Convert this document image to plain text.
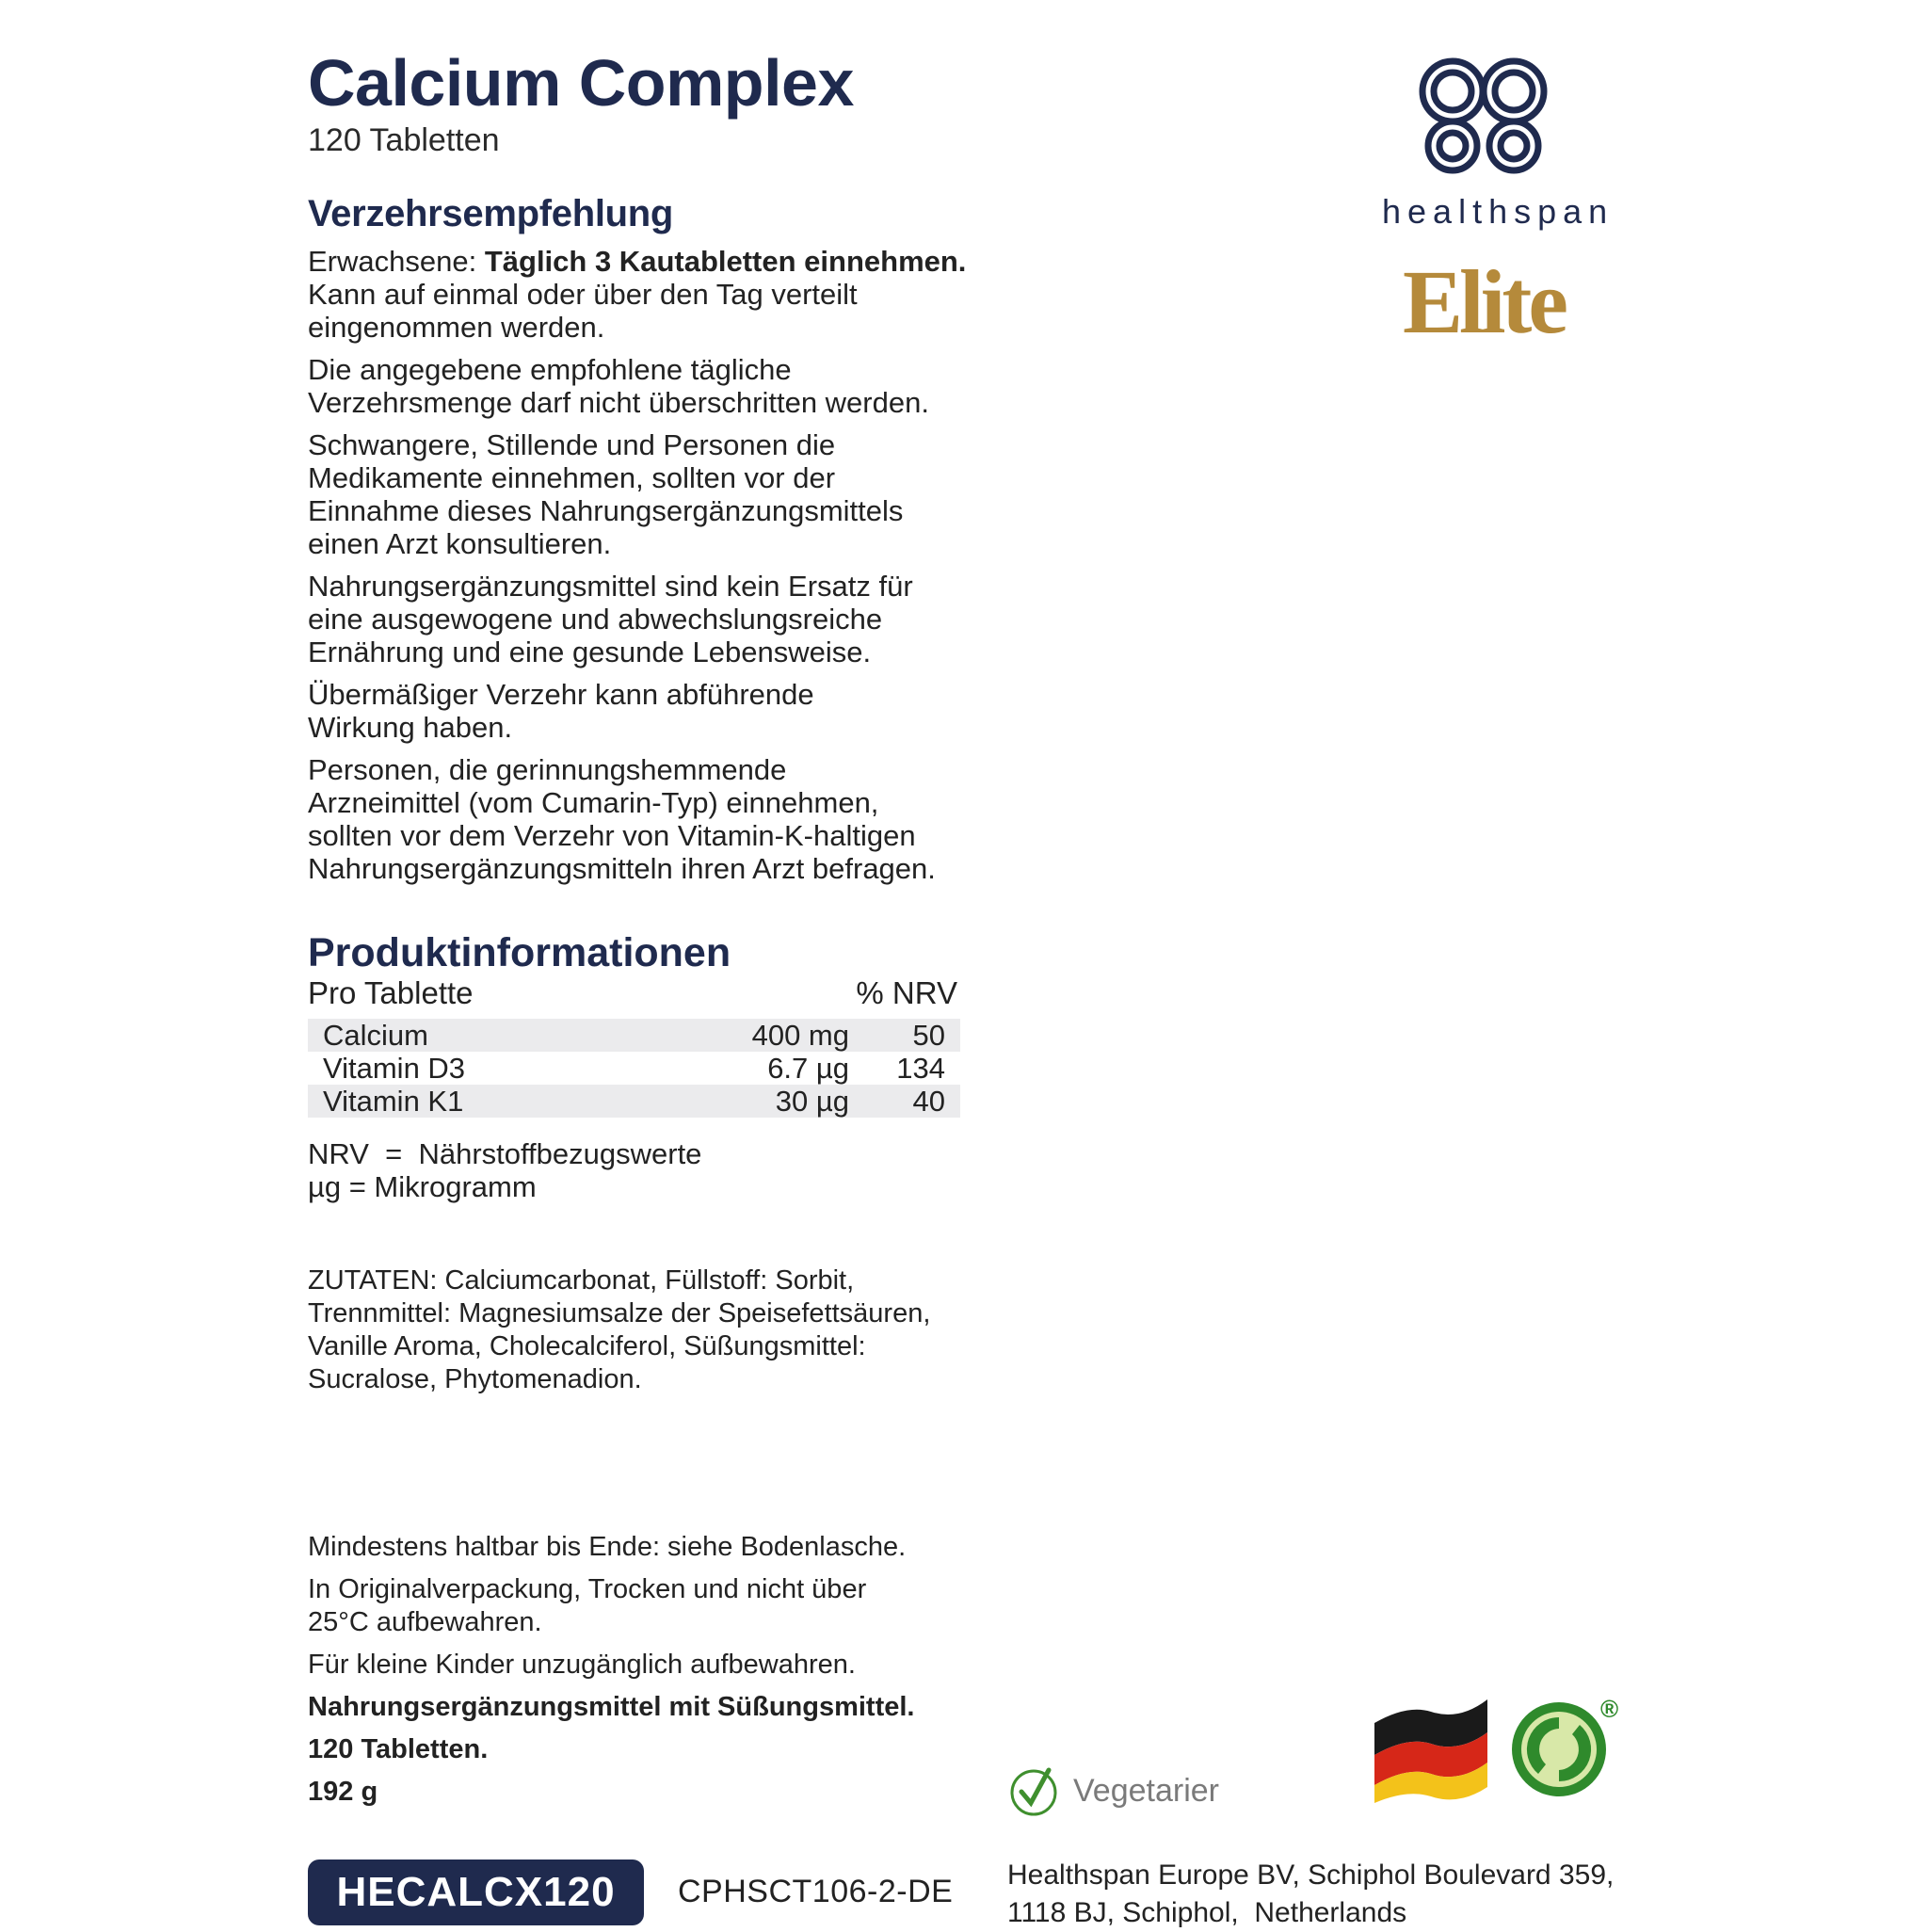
Calcium Complex
120 Tabletten
Verzehrsempfehlung

Erwachsene: Täglich 3 Kautabletten einnehmen.
Kann auf einmal oder über den Tag verteilt
eingenommen werden.

Die angegebene empfohlene tägliche
Verzehrsmenge darf nicht überschritten werden.

Schwangere, Stillende und Personen die
Medikamente einnehmen, sollten vor der
Einnahme dieses Nahrungsergänzungsmittels
einen Arzt konsultieren.

Nahrungsergänzungsmittel sind kein Ersatz für
eine ausgewogene und abwechslungsreiche
Ernährung und eine gesunde Lebensweise.

Übermäßiger Verzehr kann abführende
Wirkung haben.

Personen, die gerinnungshemmende
Arzneimittel (vom Cumarin-Typ) einnehmen,
sollten vor dem Verzehr von Vitamin-K-haltigen
Nahrungsergänzungsmitteln ihren Arzt befragen.

Produktinformationen
Pro Tablette	% NRV
Calcium	400 mg 50
Vitamin D3	6.7 µg 134
Vitamin K1	30 µg 40
NRV  =  Nährstoffbezugswerte
µg = Mikrogramm
ZUTATEN: Calciumcarbonat, Füllstoff: Sorbit,
Trennmittel: Magnesiumsalze der Speisefettsäuren,
Vanille Aroma, Cholecalciferol, Süßungsmittel:
Sucralose, Phytomenadion.

Mindestens haltbar bis Ende: siehe Bodenlasche.

In Originalverpackung, Trocken und nicht über
25°C aufbewahren.

Für kleine Kinder unzugänglich aufbewahren.

Nahrungsergänzungsmittel mit Süßungsmittel.

120 Tabletten.

192 g

HECALCX120	CPHSCT106-2-DE
healthspan
Elite
Vegetarier
®
Healthspan Europe BV, Schiphol Boulevard 359,
1118 BJ, Schiphol,  Netherlands
